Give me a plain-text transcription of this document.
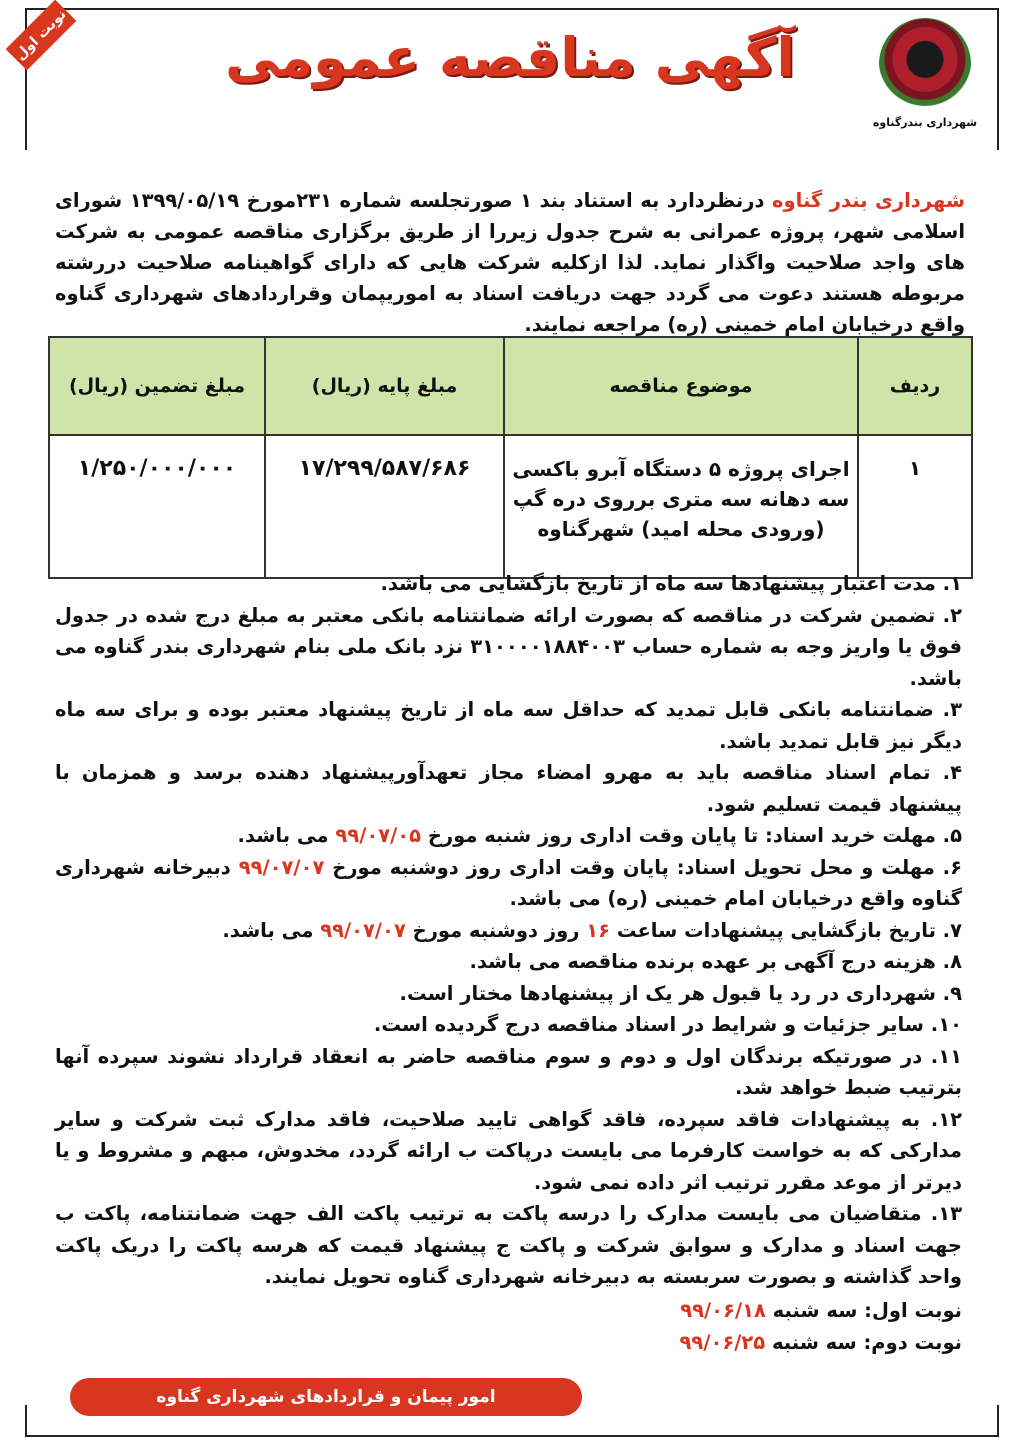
شهرداری بندرگناوه
آگهی مناقصه عمومی
نوبت اول
شهرداری بندر گناوه درنظردارد به استناد بند ۱ صورتجلسه شماره ۲۳۱مورخ ۱۳۹۹/۰۵/۱۹ شورای اسلامی شهر، پروژه عمرانی به شرح جدول زیررا از طریق برگزاری مناقصه عمومی به شرکت های واجد صلاحیت واگذار نماید. لذا ازکلیه شرکت هایی که دارای گواهینامه صلاحیت دررشته مربوطه هستند دعوت می گردد جهت دریافت اسناد به اموریپمان وقراردادهای شهرداری گناوه واقع درخیابان امام خمینی (ره) مراجعه نمایند.
ردیف	موضوع مناقصه	مبلغ پایه (ریال)	مبلغ تضمین (ریال)
۱	اجرای پروژه ۵ دستگاه آبرو باکسی سه دهانه سه متری برروی دره گپ (ورودی محله امید) شهرگناوه	۱۷/۲۹۹/۵۸۷/۶۸۶	۱/۲۵۰/۰۰۰/۰۰۰
۱. مدت اعتبار پیشنهادها سه ماه از تاریخ بازگشایی می باشد.
۲. تضمین شرکت در مناقصه که بصورت ارائه ضمانتنامه بانکی معتبر به مبلغ درج شده در جدول فوق یا واریز وجه به شماره حساب ۳۱۰۰۰۰۱۸۸۴۰۰۳ نزد بانک ملی بنام شهرداری بندر گناوه می باشد.
۳. ضمانتنامه بانکی قابل تمدید که حداقل سه ماه از تاریخ پیشنهاد معتبر بوده و برای سه ماه دیگر نیز قابل تمدید باشد.
۴. تمام اسناد مناقصه باید به مهرو امضاء مجاز تعهدآورپیشنهاد دهنده برسد و همزمان با پیشنهاد قیمت تسلیم شود.
۵. مهلت خرید اسناد: تا پایان وقت اداری روز شنبه مورخ ۹۹/۰۷/۰۵ می باشد.
۶. مهلت و محل تحویل اسناد: پایان وقت اداری روز دوشنبه مورخ ۹۹/۰۷/۰۷ دبیرخانه شهرداری گناوه واقع درخیابان امام خمینی (ره) می باشد.
۷. تاریخ بازگشایی پیشنهادات ساعت ۱۶ روز دوشنبه مورخ ۹۹/۰۷/۰۷ می باشد.
۸. هزینه درج آگهی بر عهده برنده مناقصه می باشد.
۹. شهرداری در رد یا قبول هر یک از پیشنهادها مختار است.
۱۰. سایر جزئیات و شرایط در اسناد مناقصه درج گردیده است.
۱۱. در صورتیکه برندگان اول و دوم و سوم مناقصه حاضر به انعقاد قرارداد نشوند سپرده آنها بترتیب ضبط خواهد شد.
۱۲. به پیشنهادات فاقد سپرده، فاقد گواهی تایید صلاحیت، فاقد مدارک ثبت شرکت و سایر مدارکی که به خواست کارفرما می بایست درپاکت ب ارائه گردد، مخدوش، مبهم و مشروط و یا دیرتر از موعد مقرر ترتیب اثر داده نمی شود.
۱۳. متقاضیان می بایست مدارک را درسه پاکت به ترتیب پاکت الف جهت ضمانتنامه، پاکت ب جهت اسناد و مدارک و سوابق شرکت و پاکت ج پیشنهاد قیمت که هرسه پاکت را دریک پاکت واحد گذاشته و بصورت سربسته به دبیرخانه شهرداری گناوه تحویل نمایند.
نوبت اول: سه شنبه ۹۹/۰۶/۱۸
نوبت دوم: سه شنبه ۹۹/۰۶/۲۵
امور پیمان و قراردادهای شهرداری گناوه
